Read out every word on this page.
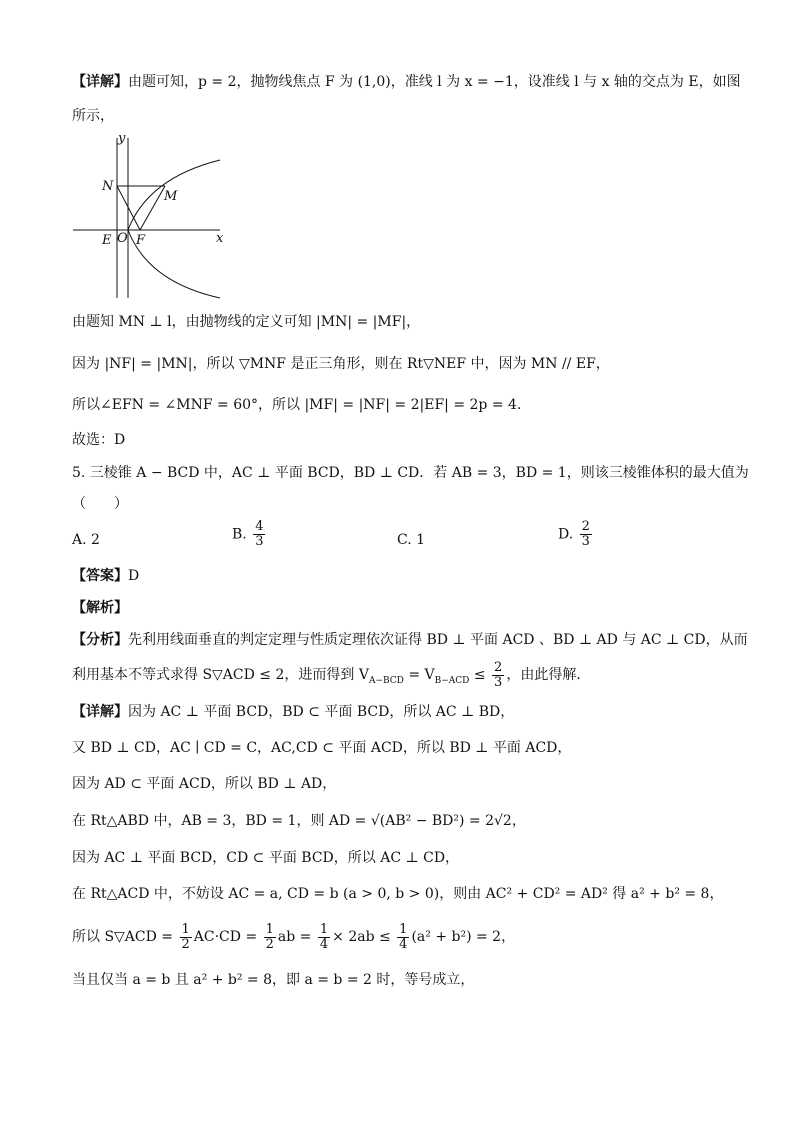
【详解】由题可知，p = 2，抛物线焦点 F 为 (1,0)，准线 l 为 x = −1，设准线 l 与 x 轴的交点为 E，如图
所示，
y
x
N
M
E O F
由题知 MN ⊥ l，由抛物线的定义可知 |MN| = |MF|，
因为 |NF| = |MN|，所以 ▽MNF 是正三角形，则在 Rt▽NEF 中，因为 MN // EF，
所以∠EFN = ∠MNF = 60°，所以 |MF| = |NF| = 2|EF| = 2p = 4．
故选：D
5. 三棱锥 A − BCD 中，AC ⊥ 平面 BCD，BD ⊥ CD．若 AB = 3，BD = 1，则该三棱锥体积的最大值为
（　　）
A. 2	B. $\frac{4}{3}$	C. 1	D. $\frac{2}{3}$
【答案】D
【解析】
【分析】先利用线面垂直的判定定理与性质定理依次证得 BD ⊥ 平面 ACD 、BD ⊥ AD 与 AC ⊥ CD，从而
利用基本不等式求得 S▽ACD ≤ 2，进而得到 $V_{A-BCD} = V_{B-ACD} \le \frac{2}{3}$ ，由此得解.
【详解】因为 AC ⊥ 平面 BCD，BD ⊂ 平面 BCD，所以 AC ⊥ BD，
又 BD ⊥ CD，AC ∣ CD = C，AC,CD ⊂ 平面 ACD，所以 BD ⊥ 平面 ACD，
因为 AD ⊂ 平面 ACD，所以 BD ⊥ AD，
在 Rt△ABD 中，AB = 3，BD = 1，则 AD = √(AB² − BD²) = 2√2，
因为 AC ⊥ 平面 BCD，CD ⊂ 平面 BCD，所以 AC ⊥ CD，
在 Rt△ACD 中，不妨设 AC = a, CD = b (a > 0, b > 0)，则由 AC² + CD² = AD² 得 a² + b² = 8，
所以 S▽ACD = $\frac{1}{2} AC\cdot CD = \frac{1}{2}$ ab = $\frac{1}{4} \times 2ab \le \frac{1}{4} (a^2 + b^2) = 2$，
当且仅当 a = b 且 a² + b² = 8，即 a = b = 2 时，等号成立，
